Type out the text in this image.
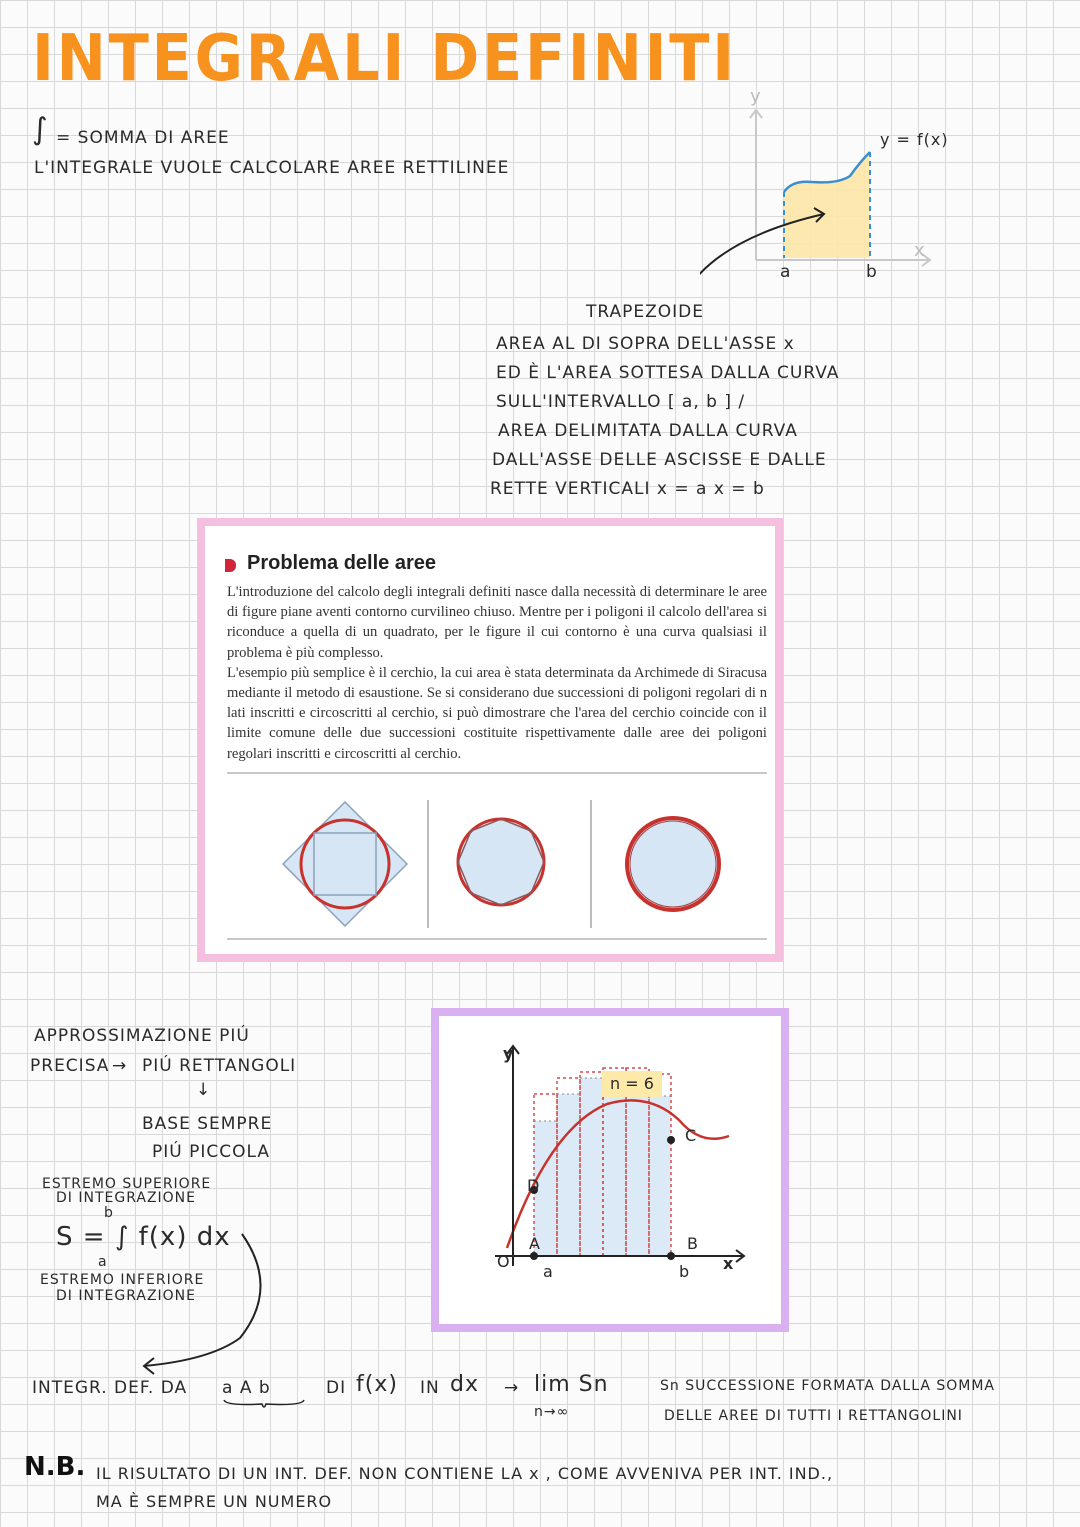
INTEGRALI DEFINITI
∫ = SOMMA DI AREE
L'INTEGRALE VUOLE CALCOLARE AREE RETTILINEE
y
x
y = f(x)
a	b
TRAPEZOIDE
AREA AL DI SOPRA DELL'ASSE x
ED È L'AREA SOTTESA DALLA CURVA
SULL'INTERVALLO [ a, b ] /
AREA DELIMITATA DALLA CURVA
DALL'ASSE DELLE ASCISSE E DALLE
RETTE VERTICALI x = a x = b
Problema delle aree

L'introduzione del calcolo degli integrali definiti nasce dalla necessità di determinare le aree di figure piane aventi contorno curvilineo chiuso. Mentre per i poligoni il calcolo dell'area si riconduce a quella di un quadrato, per le figure il cui contorno è una curva qualsiasi il problema è più complesso.

L'esempio più semplice è il cerchio, la cui area è stata determinata da Archimede di Siracusa mediante il metodo di esaustione. Se si considerano due successioni di poligoni regolari di n lati inscritti e circoscritti al cerchio, si può dimostrare che l'area del cerchio coincide con il limite comune delle due successioni costituite rispettivamente dalle aree dei poligoni regolari inscritti e circoscritti al cerchio.

APPROSSIMAZIONE PIÚ
PRECISA → PIÚ RETTANGOLI
↓
BASE SEMPRE
PIÚ PICCOLA
ESTREMO SUPERIORE
DI INTEGRAZIONE
b
S = ∫ f(x) dx
a
ESTREMO INFERIORE
DI INTEGRAZIONE
y
n = 6
O
A	B
C
D
a	b x
INTEGR. DEF. DA a A b	DI f(x) IN dx → lim Sn
n→∞
Sn SUCCESSIONE FORMATA DALLA SOMMA
DELLE AREE DI TUTTI I RETTANGOLINI
N.B. IL RISULTATO DI UN INT. DEF. NON CONTIENE LA x , COME AVVENIVA PER INT. IND.,
MA È SEMPRE UN NUMERO
